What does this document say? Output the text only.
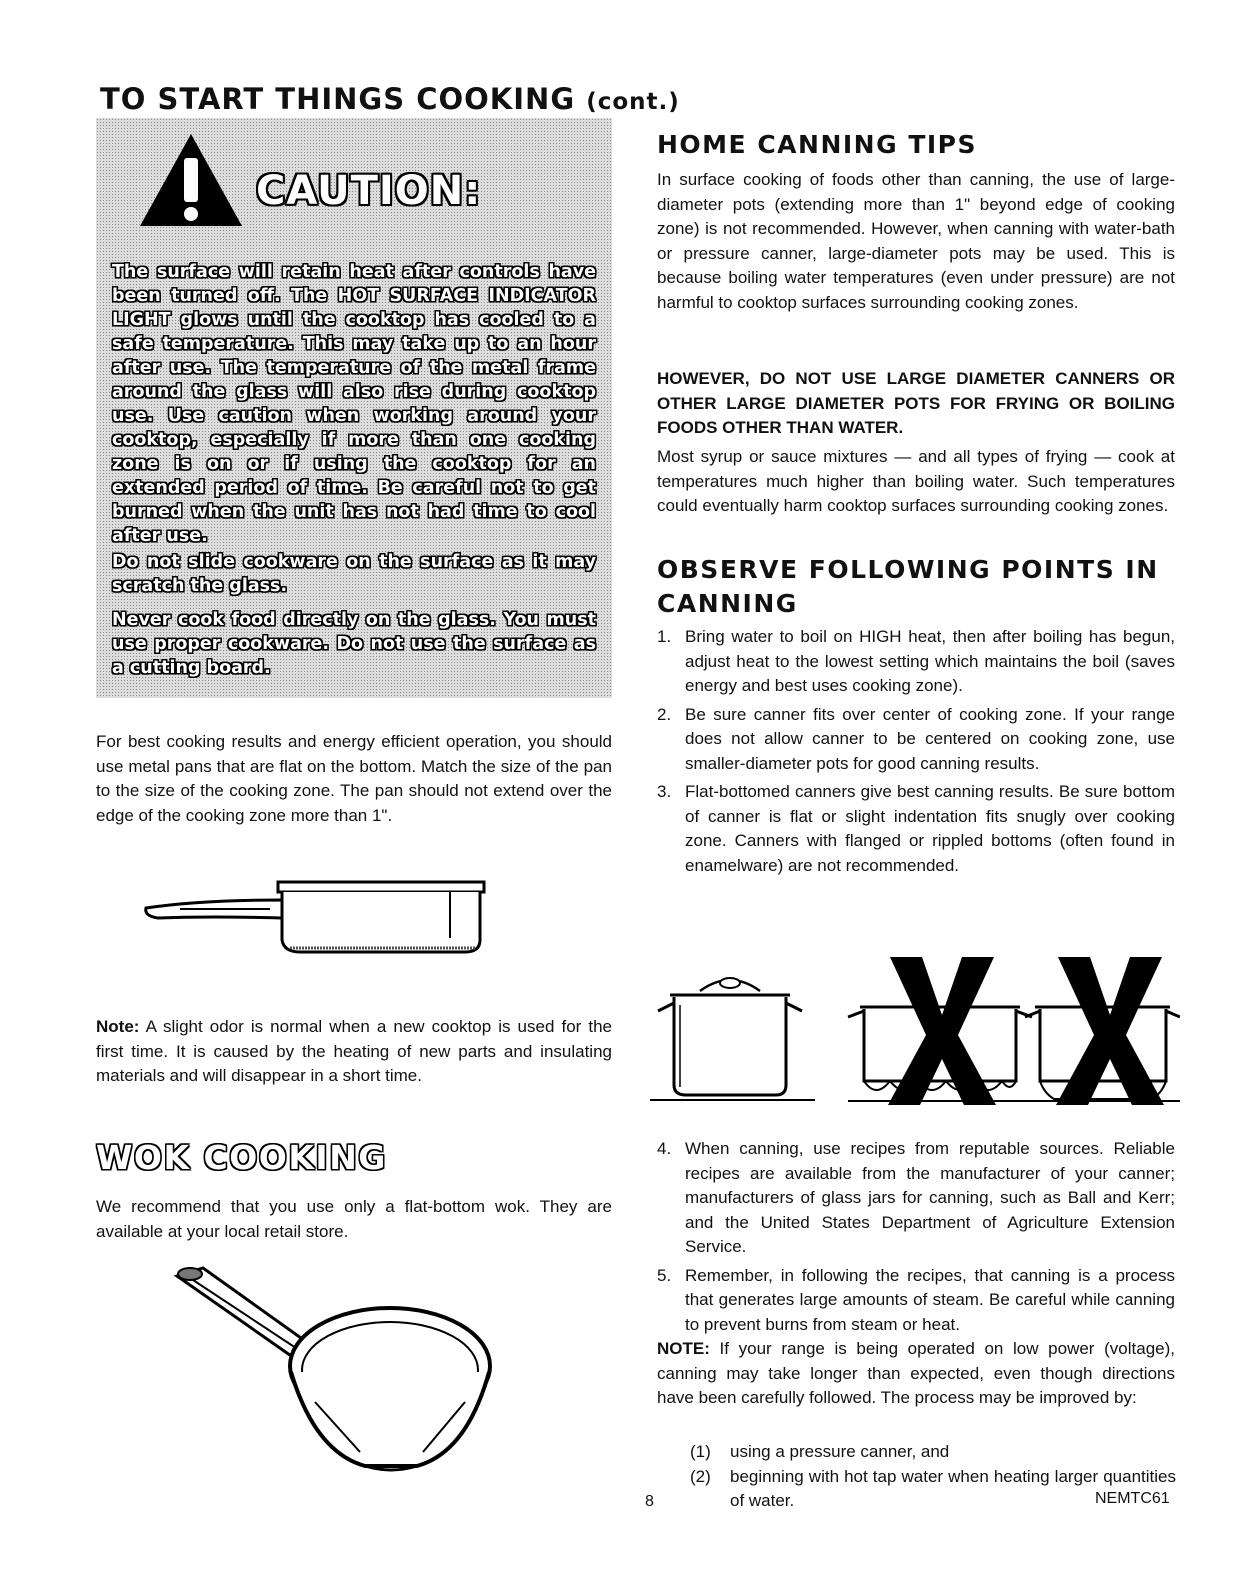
TO START THINGS COOKING (cont.)
CAUTION:
The surface will retain heat after controls have been turned off. The HOT SURFACE INDICATOR LIGHT glows until the cooktop has cooled to a safe temperature. This may take up to an hour after use. The temperature of the metal frame around the glass will also rise during cooktop use. Use caution when working around your cooktop, especially if more than one cooking zone is on or if using the cooktop for an extended period of time. Be careful not to get burned when the unit has not had time to cool after use.
Do not slide cookware on the surface as it may scratch the glass.
Never cook food directly on the glass. You must use proper cookware. Do not use the surface as a cutting board.
For best cooking results and energy efficient operation, you should use metal pans that are flat on the bottom. Match the size of the pan to the size of the cooking zone. The pan should not extend over the edge of the cooking zone more than 1".
Note: A slight odor is normal when a new cooktop is used for the first time. It is caused by the heating of new parts and insulating materials and will disappear in a short time.
WOK COOKING
We recommend that you use only a flat-bottom wok. They are available at your local retail store.
HOME CANNING TIPS
In surface cooking of foods other than canning, the use of large-diameter pots (extending more than 1" beyond edge of cooking zone) is not recommended. However, when canning with water-bath or pressure canner, large-diameter pots may be used. This is because boiling water temperatures (even under pressure) are not harmful to cooktop surfaces surrounding cooking zones.
HOWEVER, DO NOT USE LARGE DIAMETER CANNERS OR OTHER LARGE DIAMETER POTS FOR FRYING OR BOILING FOODS OTHER THAN WATER.
Most syrup or sauce mixtures — and all types of frying — cook at temperatures much higher than boiling water. Such temperatures could eventually harm cooktop surfaces surrounding cooking zones.
OBSERVE FOLLOWING POINTS IN CANNING
1. Bring water to boil on HIGH heat, then after boiling has begun, adjust heat to the lowest setting which maintains the boil (saves energy and best uses cooking zone).
2. Be sure canner fits over center of cooking zone. If your range does not allow canner to be centered on cooking zone, use smaller-diameter pots for good canning results.
3. Flat-bottomed canners give best canning results. Be sure bottom of canner is flat or slight indentation fits snugly over cooking zone. Canners with flanged or rippled bottoms (often found in enamelware) are not recommended.
4. When canning, use recipes from reputable sources. Reliable recipes are available from the manufacturer of your canner; manufacturers of glass jars for canning, such as Ball and Kerr; and the United States Department of Agriculture Extension Service.
5. Remember, in following the recipes, that canning is a process that generates large amounts of steam. Be careful while canning to prevent burns from steam or heat.
NOTE: If your range is being operated on low power (voltage), canning may take longer than expected, even though directions have been carefully followed. The process may be improved by:
(1) using a pressure canner, and
(2) beginning with hot tap water when heating larger quantities of water.
8	NEMTC61
